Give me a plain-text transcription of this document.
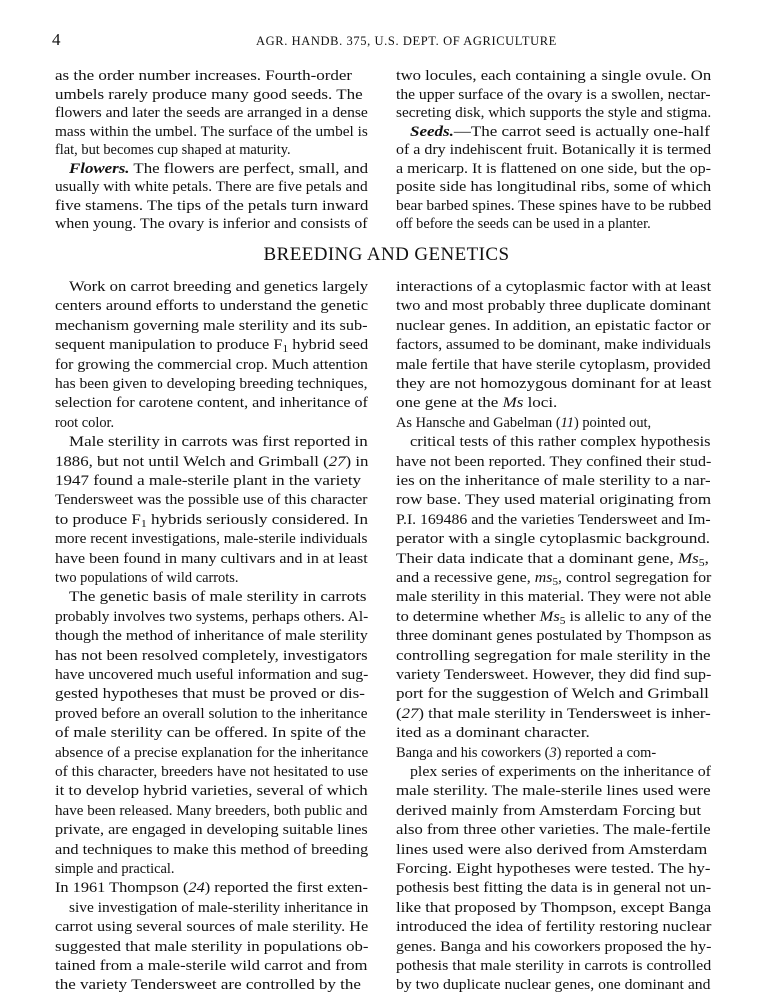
4	AGR. HANDB. 375, U.S. DEPT. OF AGRICULTURE
BREEDING AND GENETICS
as the order number increases. Fourth-order
umbels rarely produce many good seeds. The
flowers and later the seeds are arranged in a dense
mass within the umbel. The surface of the umbel is
flat, but becomes cup shaped at maturity.
Flowers. The flowers are perfect, small, and
usually with white petals. There are five petals and
five stamens. The tips of the petals turn inward
when young. The ovary is inferior and consists of
two locules, each containing a single ovule. On
the upper surface of the ovary is a swollen, nectar-
secreting disk, which supports the style and stigma.
Seeds.—The carrot seed is actually one-half
of a dry indehiscent fruit. Botanically it is termed
a mericarp. It is flattened on one side, but the op-
posite side has longitudinal ribs, some of which
bear barbed spines. These spines have to be rubbed
off before the seeds can be used in a planter.
Work on carrot breeding and genetics largely
centers around efforts to understand the genetic
mechanism governing male sterility and its sub-
sequent manipulation to produce $F_1$ hybrid seed
for growing the commercial crop. Much attention
has been given to developing breeding techniques,
selection for carotene content, and inheritance of
root color.
Male sterility in carrots was first reported in
1886, but not until Welch and Grimball (27) in
1947 found a male-sterile plant in the variety
Tendersweet was the possible use of this character
to produce $F_1$ hybrids seriously considered. In
more recent investigations, male-sterile individuals
have been found in many cultivars and in at least
two populations of wild carrots.
The genetic basis of male sterility in carrots
probably involves two systems, perhaps others. Al-
though the method of inheritance of male sterility
has not been resolved completely, investigators
have uncovered much useful information and sug-
gested hypotheses that must be proved or dis-
proved before an overall solution to the inheritance
of male sterility can be offered. In spite of the
absence of a precise explanation for the inheritance
of this character, breeders have not hesitated to use
it to develop hybrid varieties, several of which
have been released. Many breeders, both public and
private, are engaged in developing suitable lines
and techniques to make this method of breeding
simple and practical.
In 1961 Thompson (24) reported the first exten-
sive investigation of male-sterility inheritance in
carrot using several sources of male sterility. He
suggested that male sterility in populations ob-
tained from a male-sterile wild carrot and from
the variety Tendersweet are controlled by the
interactions of a cytoplasmic factor with at least
two and most probably three duplicate dominant
nuclear genes. In addition, an epistatic factor or
factors, assumed to be dominant, make individuals
male fertile that have sterile cytoplasm, provided
they are not homozygous dominant for at least
one gene at the Ms loci.
As Hansche and Gabelman (11) pointed out,
critical tests of this rather complex hypothesis
have not been reported. They confined their stud-
ies on the inheritance of male sterility to a nar-
row base. They used material originating from
P.I. 169486 and the varieties Tendersweet and Im-
perator with a single cytoplasmic background.
Their data indicate that a dominant gene, $Ms_5$,
and a recessive gene, $ms_5$, control segregation for
male sterility in this material. They were not able
to determine whether $Ms_5$ is allelic to any of the
three dominant genes postulated by Thompson as
controlling segregation for male sterility in the
variety Tendersweet. However, they did find sup-
port for the suggestion of Welch and Grimball
(27) that male sterility in Tendersweet is inher-
ited as a dominant character.
Banga and his coworkers (3) reported a com-
plex series of experiments on the inheritance of
male sterility. The male-sterile lines used were
derived mainly from Amsterdam Forcing but
also from three other varieties. The male-fertile
lines used were also derived from Amsterdam
Forcing. Eight hypotheses were tested. The hy-
pothesis best fitting the data is in general not un-
like that proposed by Thompson, except Banga
introduced the idea of fertility restoring nuclear
genes. Banga and his coworkers proposed the hy-
pothesis that male sterility in carrots is controlled
by two duplicate nuclear genes, one dominant and
